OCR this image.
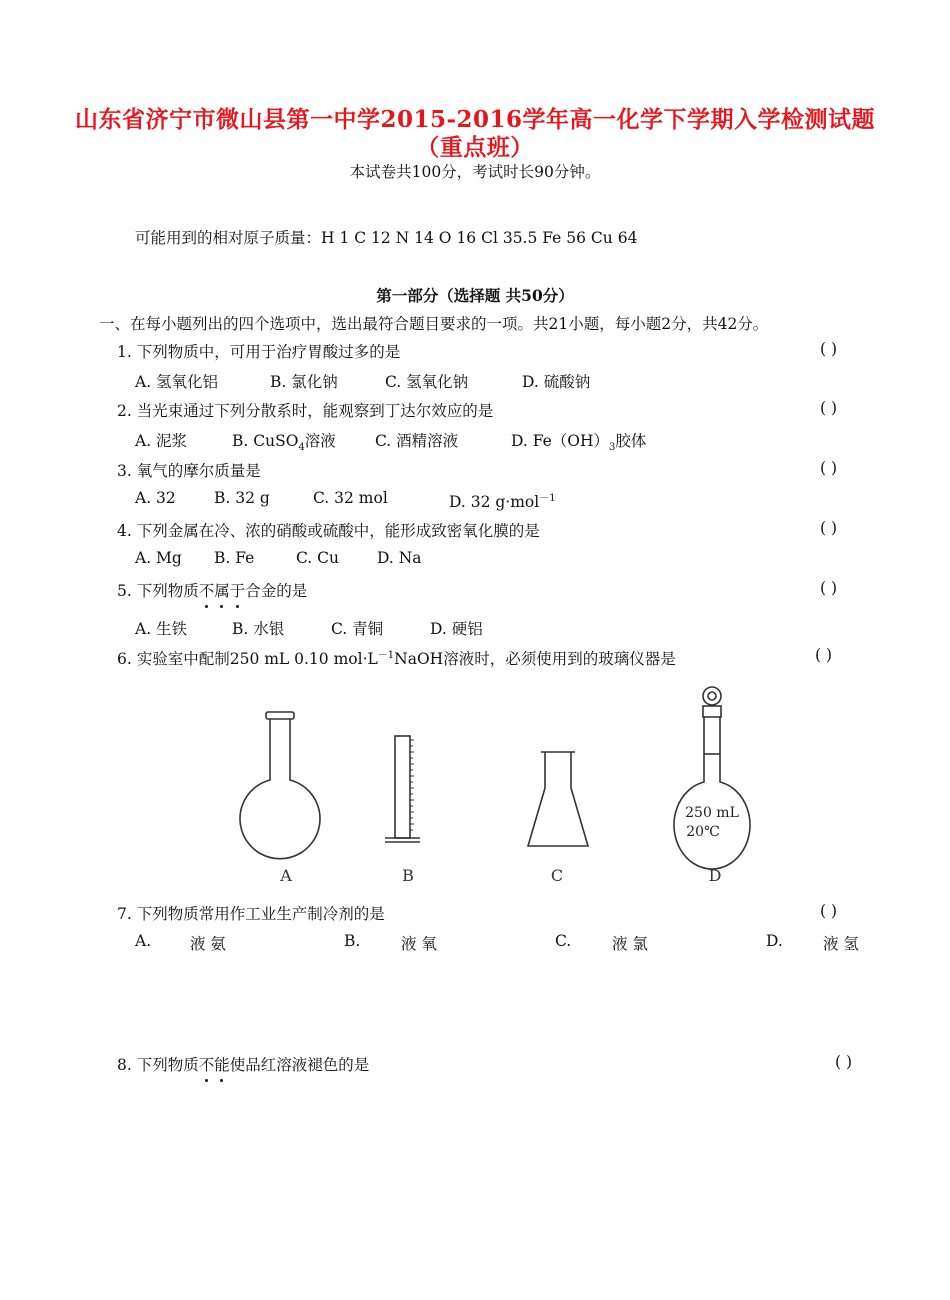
山东省济宁市微山县第一中学2015-2016学年高一化学下学期入学检测试题
（重点班）
本试卷共100分，考试时长90分钟。
可能用到的相对原子质量：H 1 C 12 N 14 O 16 Cl 35.5 Fe 56 Cu 64
第一部分（选择题 共50分）
一、在每小题列出的四个选项中，选出最符合题目要求的一项。共21小题，每小题2分，共42分。
1. 下列物质中，可用于治疗胃酸过多的是	( )
A. 氢氧化铝	B. 氯化钠	C. 氢氧化钠	D. 硫酸钠
2. 当光束通过下列分散系时，能观察到丁达尔效应的是	( )
A. 泥浆	B. CuSO$_4$溶液	C. 酒精溶液	D. $Fe(OH)_3$胶体
3. 氧气的摩尔质量是	( )
A. 32 B. 32 g	C. 32 mol	D. 32 g·mol$^{-1}$
4. 下列金属在冷、浓的硝酸或硫酸中，能形成致密氧化膜的是	( )
A. Mg B. Fe	C. Cu D. Na
5. 下列物质不属于合金的是	( )
A. 生铁	B. 水银	C. 青铜	D. 硬铝
6. 实验室中配制250 mL 0.10 $mol\cdot L^{-1}NaOH$溶液时，必须使用到的玻璃仪器是	( )
250 mL
20℃
A	B	C	D
7. 下列物质常用作工业生产制冷剂的是	( )
A.	液 氨	B.	液 氧	C.	液 氯	D.	液 氢
8. 下列物质不能使品红溶液褪色的是	( )
